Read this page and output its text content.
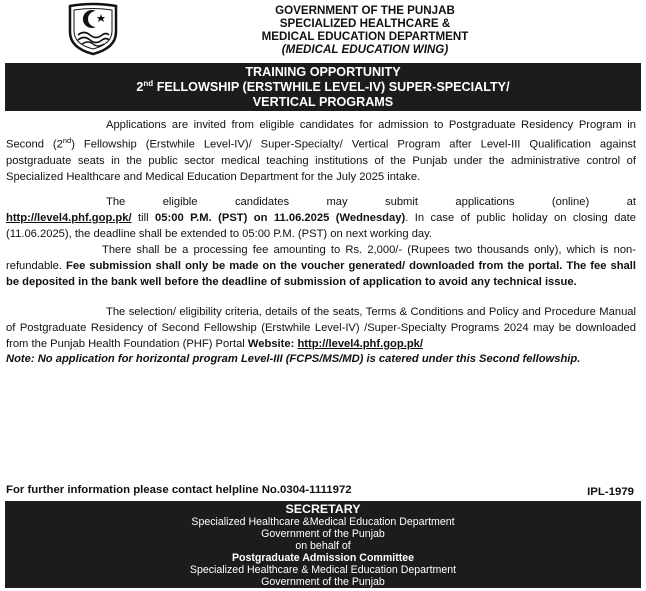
GOVERNMENT OF THE PUNJAB
SPECIALIZED HEALTHCARE &
MEDICAL EDUCATION DEPARTMENT
(MEDICAL EDUCATION WING)
TRAINING OPPORTUNITY
2nd FELLOWSHIP (ERSTWHILE LEVEL-IV) SUPER-SPECIALTY/
VERTICAL PROGRAMS

Applications are invited from eligible candidates for admission to Postgraduate Residency Program in Second (2nd) Fellowship (Erstwhile Level-IV)/ Super-Specialty/ Vertical Program after Level-III Qualification against postgraduate seats in the public sector medical teaching institutions of the Punjab under the administrative control of Specialized Healthcare and Medical Education Department for the July 2025 intake.

The	eligible	candidates	may	submit	applications	(online)	at

http://level4.phf.gop.pk/ till 05:00 P.M. (PST) on 11.06.2025 (Wednesday). In case of public holiday on closing date (11.06.2025), the deadline shall be extended to 05:00 P.M. (PST) on next working day.

There shall be a processing fee amounting to Rs. 2,000/- (Rupees two thousands only), which is non-refundable. Fee submission shall only be made on the voucher generated/ downloaded from the portal. The fee shall be deposited in the bank well before the deadline of submission of application to avoid any technical issue.

The selection/ eligibility criteria, details of the seats, Terms & Conditions and Policy and Procedure Manual of Postgraduate Residency of Second Fellowship (Erstwhile Level-IV) /Super-Specialty Programs 2024 may be downloaded from the Punjab Health Foundation (PHF) Portal Website: http://level4.phf.gop.pk/

Note: No application for horizontal program Level-III (FCPS/MS/MD) is catered under this Second fellowship.

For further information please contact helpline No.0304-1111972	IPL-1979
SECRETARY
Specialized Healthcare &Medical Education Department
Government of the Punjab
on behalf of
Postgraduate Admission Committee
Specialized Healthcare & Medical Education Department
Government of the Punjab
